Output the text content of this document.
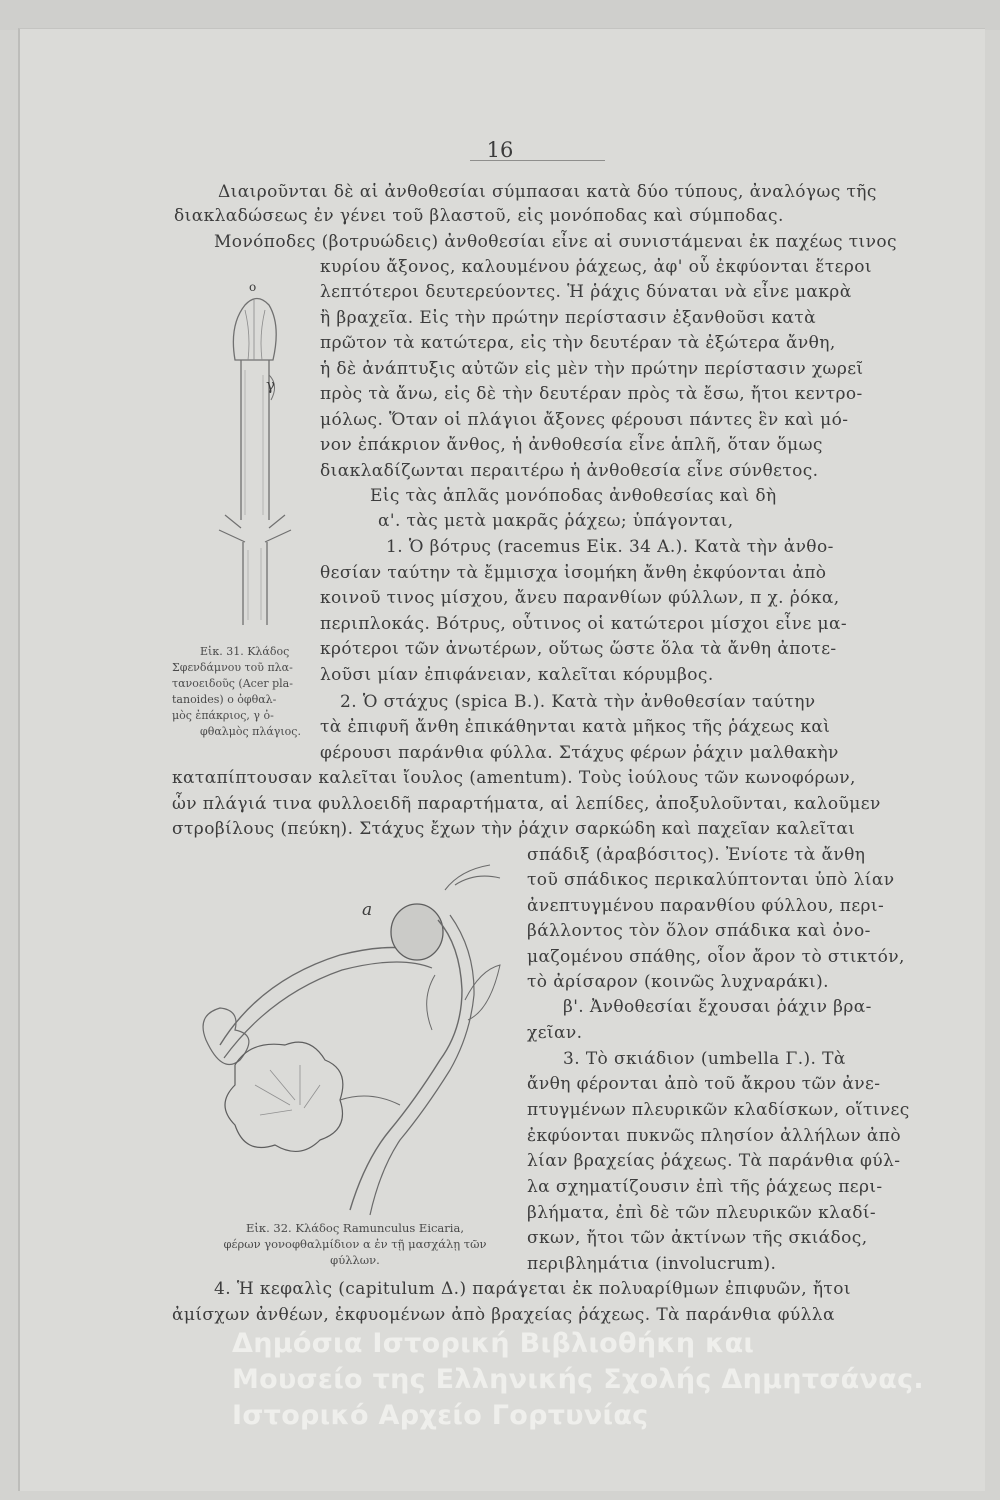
16
Διαιροῦνται δὲ αἱ ἀνθοθεσίαι σύμπασαι κατὰ δύο τύπους, ἀναλόγως τῆς
διακλαδώσεως ἐν γένει τοῦ βλαστοῦ, εἰς μονόποδας καὶ σύμποδας.
Μονόποδες (βοτρυώδεις) ἀνθοθεσίαι εἶνε αἱ συνιστάμεναι ἐκ παχέως τινος
κυρίου ἄξονος, καλουμένου ῥάχεως, ἀφ' οὗ ἐκφύονται ἕτεροι
λεπτότεροι δευτερεύοντες. Ἡ ῥάχις δύναται νὰ εἶνε μακρὰ
ἢ βραχεῖα. Εἰς τὴν πρώτην περίστασιν ἐξανθοῦσι κατὰ
πρῶτον τὰ κατώτερα, εἰς τὴν δευτέραν τὰ ἐξώτερα ἄνθη,
ἡ δὲ ἀνάπτυξις αὐτῶν εἰς μὲν τὴν πρώτην περίστασιν χωρεῖ
πρὸς τὰ ἄνω, εἰς δὲ τὴν δευτέραν πρὸς τὰ ἔσω, ἤτοι κεντρο-
μόλως. Ὅταν οἱ πλάγιοι ἄξονες φέρουσι πάντες ἓν καὶ μό-
νον ἐπάκριον ἄνθος, ἡ ἀνθοθεσία εἶνε ἁπλῆ, ὅταν ὅμως
διακλαδίζωνται περαιτέρω ἡ ἀνθοθεσία εἶνε σύνθετος.
Εἰς τὰς ἁπλᾶς μονόποδας ἀνθοθεσίας καὶ δὴ
α'. τὰς μετὰ μακρᾶς ῥάχεω; ὑπάγονται,
1. Ὁ βότρυς (racemus Εἰκ. 34 Α.). Κατὰ τὴν ἀνθο-
θεσίαν ταύτην τὰ ἔμμισχα ἰσομήκη ἄνθη ἐκφύονται ἀπὸ
κοινοῦ τινος μίσχου, ἄνευ παρανθίων φύλλων, π χ. ῥόκα,
περιπλοκάς. Βότρυς, οὗτινος οἱ κατώτεροι μίσχοι εἶνε μα-
κρότεροι τῶν ἀνωτέρων, οὕτως ὥστε ὅλα τὰ ἄνθη ἀποτε-
λοῦσι μίαν ἐπιφάνειαν, καλεῖται κόρυμβος.
2. Ὁ στάχυς (spica Β.). Κατὰ τὴν ἀνθοθεσίαν ταύτην
τὰ ἐπιφυῆ ἄνθη ἐπικάθηνται κατὰ μῆκος τῆς ῥάχεως καὶ
φέρουσι παράνθια φύλλα. Στάχυς φέρων ῥάχιν μαλθακὴν
καταπίπτουσαν καλεῖται ἴουλος (amentum). Τοὺς ἰούλους τῶν κωνοφόρων,
ὧν πλάγιά τινα φυλλοειδῆ παραρτήματα, αἱ λεπίδες, ἀποξυλοῦνται, καλοῦμεν
στροβίλους (πεύκη). Στάχυς ἔχων τὴν ῥάχιν σαρκώδη καὶ παχεῖαν καλεῖται
σπάδιξ (ἀραβόσιτος). Ἐνίοτε τὰ ἄνθη
τοῦ σπάδικος περικαλύπτονται ὑπὸ λίαν
ἀνεπτυγμένου παρανθίου φύλλου, περι-
βάλλοντος τὸν ὅλον σπάδικα καὶ ὀνο-
μαζομένου σπάθης, οἷον ἄρον τὸ στικτόν,
τὸ ἀρίσαρον (κοινῶς λυχναράκι).
β'. Ἀνθοθεσίαι ἔχουσαι ῥάχιν βρα-
χεῖαν.
3. Τὸ σκιάδιον (umbella Γ.). Τὰ
ἄνθη φέρονται ἀπὸ τοῦ ἄκρου τῶν ἀνε-
πτυγμένων πλευρικῶν κλαδίσκων, οἵτινες
ἐκφύονται πυκνῶς πλησίον ἀλλήλων ἀπὸ
λίαν βραχείας ῥάχεως. Τὰ παράνθια φύλ-
λα σχηματίζουσιν ἐπὶ τῆς ῥάχεως περι-
βλήματα, ἐπὶ δὲ τῶν πλευρικῶν κλαδί-
σκων, ἤτοι τῶν ἀκτίνων τῆς σκιάδος,
περιβλημάτια (involucrum).
4. Ἡ κεφαλὶς (capitulum Δ.) παράγεται ἐκ πολυαρίθμων ἐπιφυῶν, ἤτοι
ἀμίσχων ἀνθέων, ἐκφυομένων ἀπὸ βραχείας ῥάχεως. Τὰ παράνθια φύλλα
o
γ
Εἰκ. 31. Κλάδος
Σφενδάμνου τοῦ πλα-
τανοειδοῦς (Acer pla-
tanoides) ο ὀφθαλ-
μὸς ἐπάκριος, γ ὀ-
φθαλμὸς πλάγιος.
a
Εἰκ. 32. Κλάδος Ramunculus Eicaria,
φέρων γονοφθαλμίδιον α ἐν τῇ μασχάλῃ τῶν
φύλλων.
Δημόσια Ιστορική Βιβλιοθήκη και
Μουσείο της Ελληνικής Σχολής Δημητσάνας.
Ιστορικό Αρχείο Γορτυνίας
